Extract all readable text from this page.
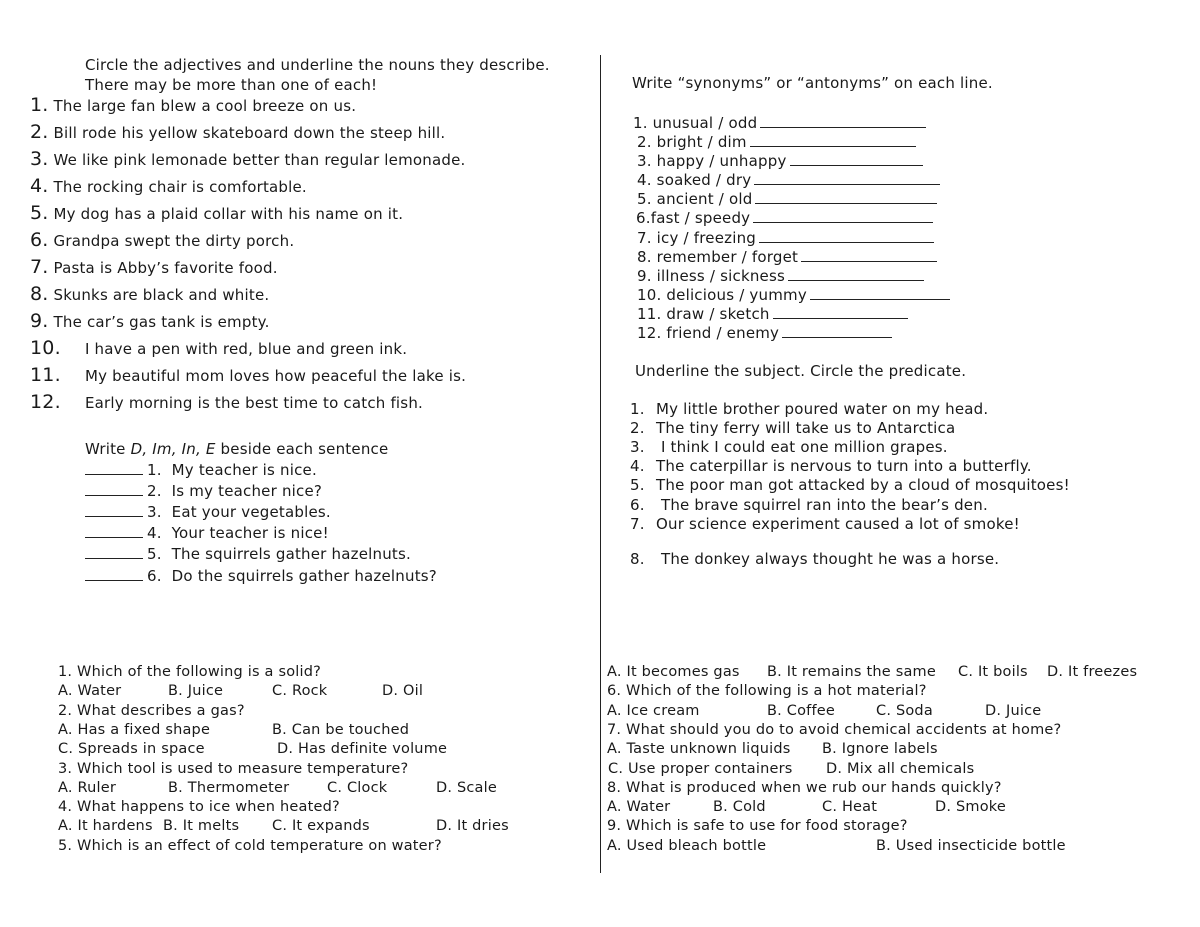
Circle the adjectives and underline the nouns they describe.
There may be more than one of each!
1. The large fan blew a cool breeze on us.
2. Bill rode his yellow skateboard down the steep hill.
3. We like pink lemonade better than regular lemonade.
4. The rocking chair is comfortable.
5. My dog has a plaid collar with his name on it.
6. Grandpa swept the dirty porch.
7. Pasta is Abby’s favorite food.
8. Skunks are black and white.
9. The car’s gas tank is empty.
10. I have a pen with red, blue and green ink.
11. My beautiful mom loves how peaceful the lake is.
12. Early morning is the best time to catch fish.
Write D, Im, In, E beside each sentence
1. My teacher is nice.
2. Is my teacher nice?
3. Eat your vegetables.
4. Your teacher is nice!
5. The squirrels gather hazelnuts.
6. Do the squirrels gather hazelnuts?
Write “synonyms” or “antonyms” on each line.
1. unusual / odd
2. bright / dim
3. happy / unhappy
4. soaked / dry
5. ancient / old
6.fast / speedy
7. icy / freezing
8. remember / forget
9. illness / sickness
10. delicious / yummy
11. draw / sketch
12. friend / enemy
Underline the subject. Circle the predicate.
1. My little brother poured water on my head.
2. The tiny ferry will take us to Antarctica
3. I think I could eat one million grapes.
4. The caterpillar is nervous to turn into a butterfly.
5. The poor man got attacked by a cloud of mosquitoes!
6. The brave squirrel ran into the bear’s den.
7. Our science experiment caused a lot of smoke!
8. The donkey always thought he was a horse.
1. Which of the following is a solid?
A. Water	B. Juice	C. Rock	D. Oil
2. What describes a gas?
A. Has a fixed shape	B. Can be touched
C. Spreads in space	D. Has definite volume
3. Which tool is used to measure temperature?
A. Ruler	B. Thermometer	C. Clock	D. Scale
4. What happens to ice when heated?
A. It hardens B. It melts C. It expands	D. It dries
5. Which is an effect of cold temperature on water?
A. It becomes gas B. It remains the same C. It boils D. It freezes
6. Which of the following is a hot material?
A. Ice cream	B. Coffee	C. Soda	D. Juice
7. What should you do to avoid chemical accidents at home?
A. Taste unknown liquids B. Ignore labels
C. Use proper containers D. Mix all chemicals
8. What is produced when we rub our hands quickly?
A. Water	B. Cold	C. Heat	D. Smoke
9. Which is safe to use for food storage?
A. Used bleach bottle	B. Used insecticide bottle
